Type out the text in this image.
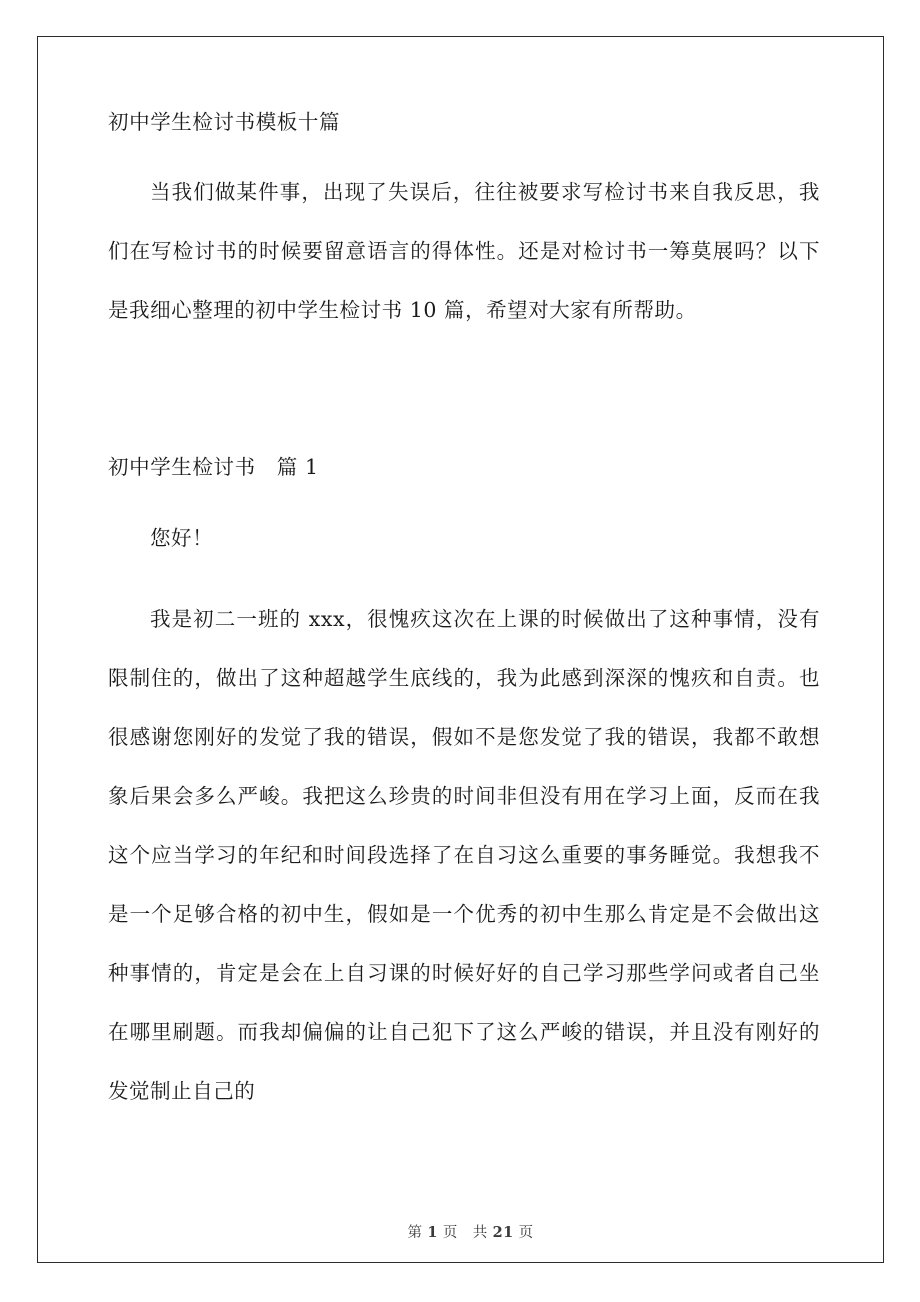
初中学生检讨书模板十篇

当我们做某件事，出现了失误后，往往被要求写检讨书来自我反思，我们在写检讨书的时候要留意语言的得体性。还是对检讨书一筹莫展吗？以下是我细心整理的初中学生检讨书 10 篇，希望对大家有所帮助。

初中学生检讨书　篇 1

您好！

我是初二一班的 xxx，很愧疚这次在上课的时候做出了这种事情，没有限制住的，做出了这种超越学生底线的，我为此感到深深的愧疚和自责。也很感谢您刚好的发觉了我的错误，假如不是您发觉了我的错误，我都不敢想象后果会多么严峻。我把这么珍贵的时间非但没有用在学习上面，反而在我这个应当学习的年纪和时间段选择了在自习这么重要的事务睡觉。我想我不是一个足够合格的初中生，假如是一个优秀的初中生那么肯定是不会做出这种事情的，肯定是会在上自习课的时候好好的自己学习那些学问或者自己坐在哪里刷题。而我却偏偏的让自己犯下了这么严峻的错误，并且没有刚好的发觉制止自己的

第 1 页　 共 21 页
